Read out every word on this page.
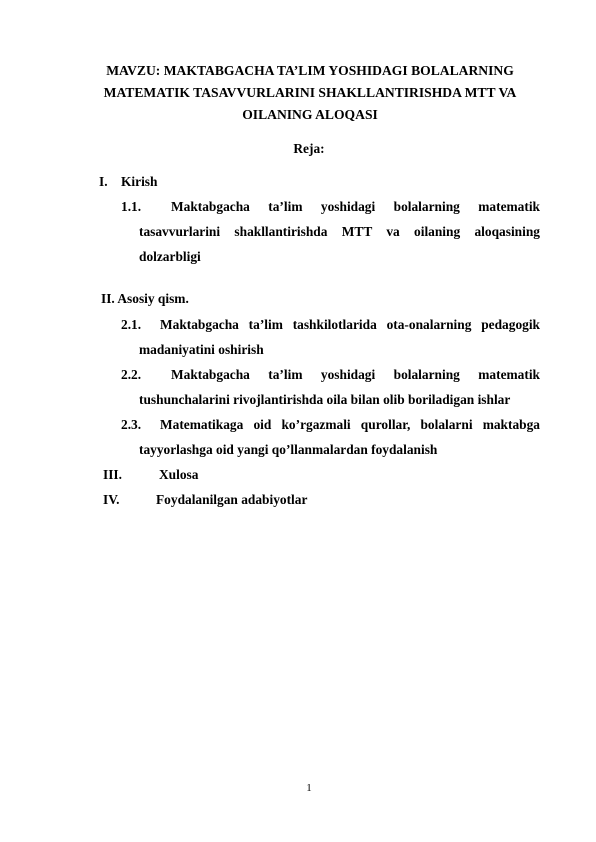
MAVZU: MAKTABGACHA TA’LIM YOSHIDAGI BOLALARNING
MATEMATIK TASAVVURLARINI SHAKLLANTIRISHDA MTT VA
OILANING ALOQASI
Reja:
I. Kirish
1.1. Maktabgacha ta’lim yoshidagi bolalarning matematik
tasavvurlarini shakllantirishda MTT va oilaning aloqasining
dolzarbligi
II. Asosiy qism.
2.1. Maktabgacha ta’lim tashkilotlarida ota-onalarning pedagogik
madaniyatini oshirish
2.2. Maktabgacha ta’lim yoshidagi bolalarning matematik
tushunchalarini rivojlantirishda oila bilan olib boriladigan ishlar
2.3. Matematikaga oid ko’rgazmali qurollar, bolalarni maktabga
tayyorlashga oid yangi qo’llanmalardan foydalanish
III.	Xulosa
IV.	Foydalanilgan adabiyotlar
1
